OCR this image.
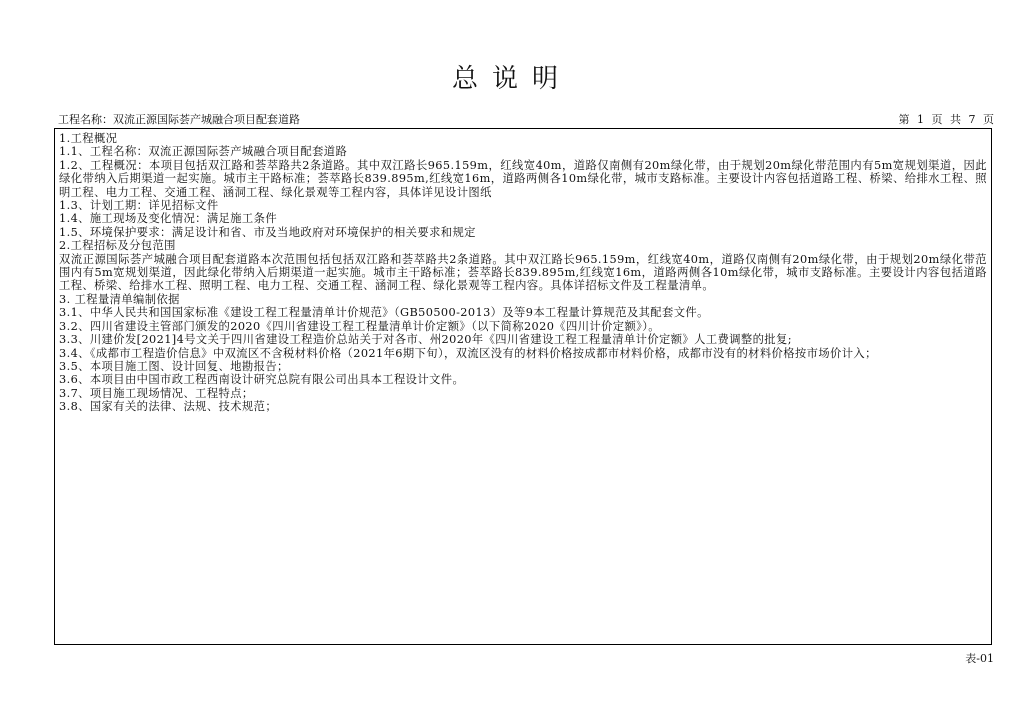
总说明
工程名称：双流正源国际荟产城融合项目配套道路	第 1 页 共 7 页

1.工程概况

1.1、工程名称：双流正源国际荟产城融合项目配套道路

1.2、工程概况：本项目包括双江路和荟萃路共2条道路。其中双江路长965.159m，红线宽40m，道路仅南侧有20m绿化带，由于规划20m绿化带范围内有5m宽规划渠道，因此绿化带纳入后期渠道一起实施。城市主干路标准；荟萃路长839.895m,红线宽16m，道路两侧各10m绿化带，城市支路标准。主要设计内容包括道路工程、桥梁、给排水工程、照明工程、电力工程、交通工程、涵洞工程、绿化景观等工程内容，具体详见设计图纸

1.3、计划工期：详见招标文件

1.4、施工现场及变化情况：满足施工条件

1.5、环境保护要求：满足设计和省、市及当地政府对环境保护的相关要求和规定

2.工程招标及分包范围

双流正源国际荟产城融合项目配套道路本次范围包括包括双江路和荟萃路共2条道路。其中双江路长965.159m，红线宽40m，道路仅南侧有20m绿化带，由于规划20m绿化带范围内有5m宽规划渠道，因此绿化带纳入后期渠道一起实施。城市主干路标准；荟萃路长839.895m,红线宽16m，道路两侧各10m绿化带，城市支路标准。主要设计内容包括道路工程、桥梁、给排水工程、照明工程、电力工程、交通工程、涵洞工程、绿化景观等工程内容。具体详招标文件及工程量清单。

3. 工程量清单编制依据

3.1、中华人民共和国国家标准《建设工程工程量清单计价规范》（GB50500-2013）及等9本工程量计算规范及其配套文件。

3.2、四川省建设主管部门颁发的2020《四川省建设工程工程量清单计价定额》（以下简称2020《四川计价定额》）。

3.3、川建价发[2021]4号文关于四川省建设工程造价总站关于对各市、州2020年《四川省建设工程工程量清单计价定额》人工费调整的批复;

3.4、《成都市工程造价信息》中双流区不含税材料价格（2021年6期下旬），双流区没有的材料价格按成都市材料价格，成都市没有的材料价格按市场价计入；

3.5、本项目施工图、设计回复、地勘报告；

3.6、本项目由中国市政工程西南设计研究总院有限公司出具本工程设计文件。

3.7、项目施工现场情况、工程特点；

3.8、国家有关的法律、法规、技术规范；

表-01
